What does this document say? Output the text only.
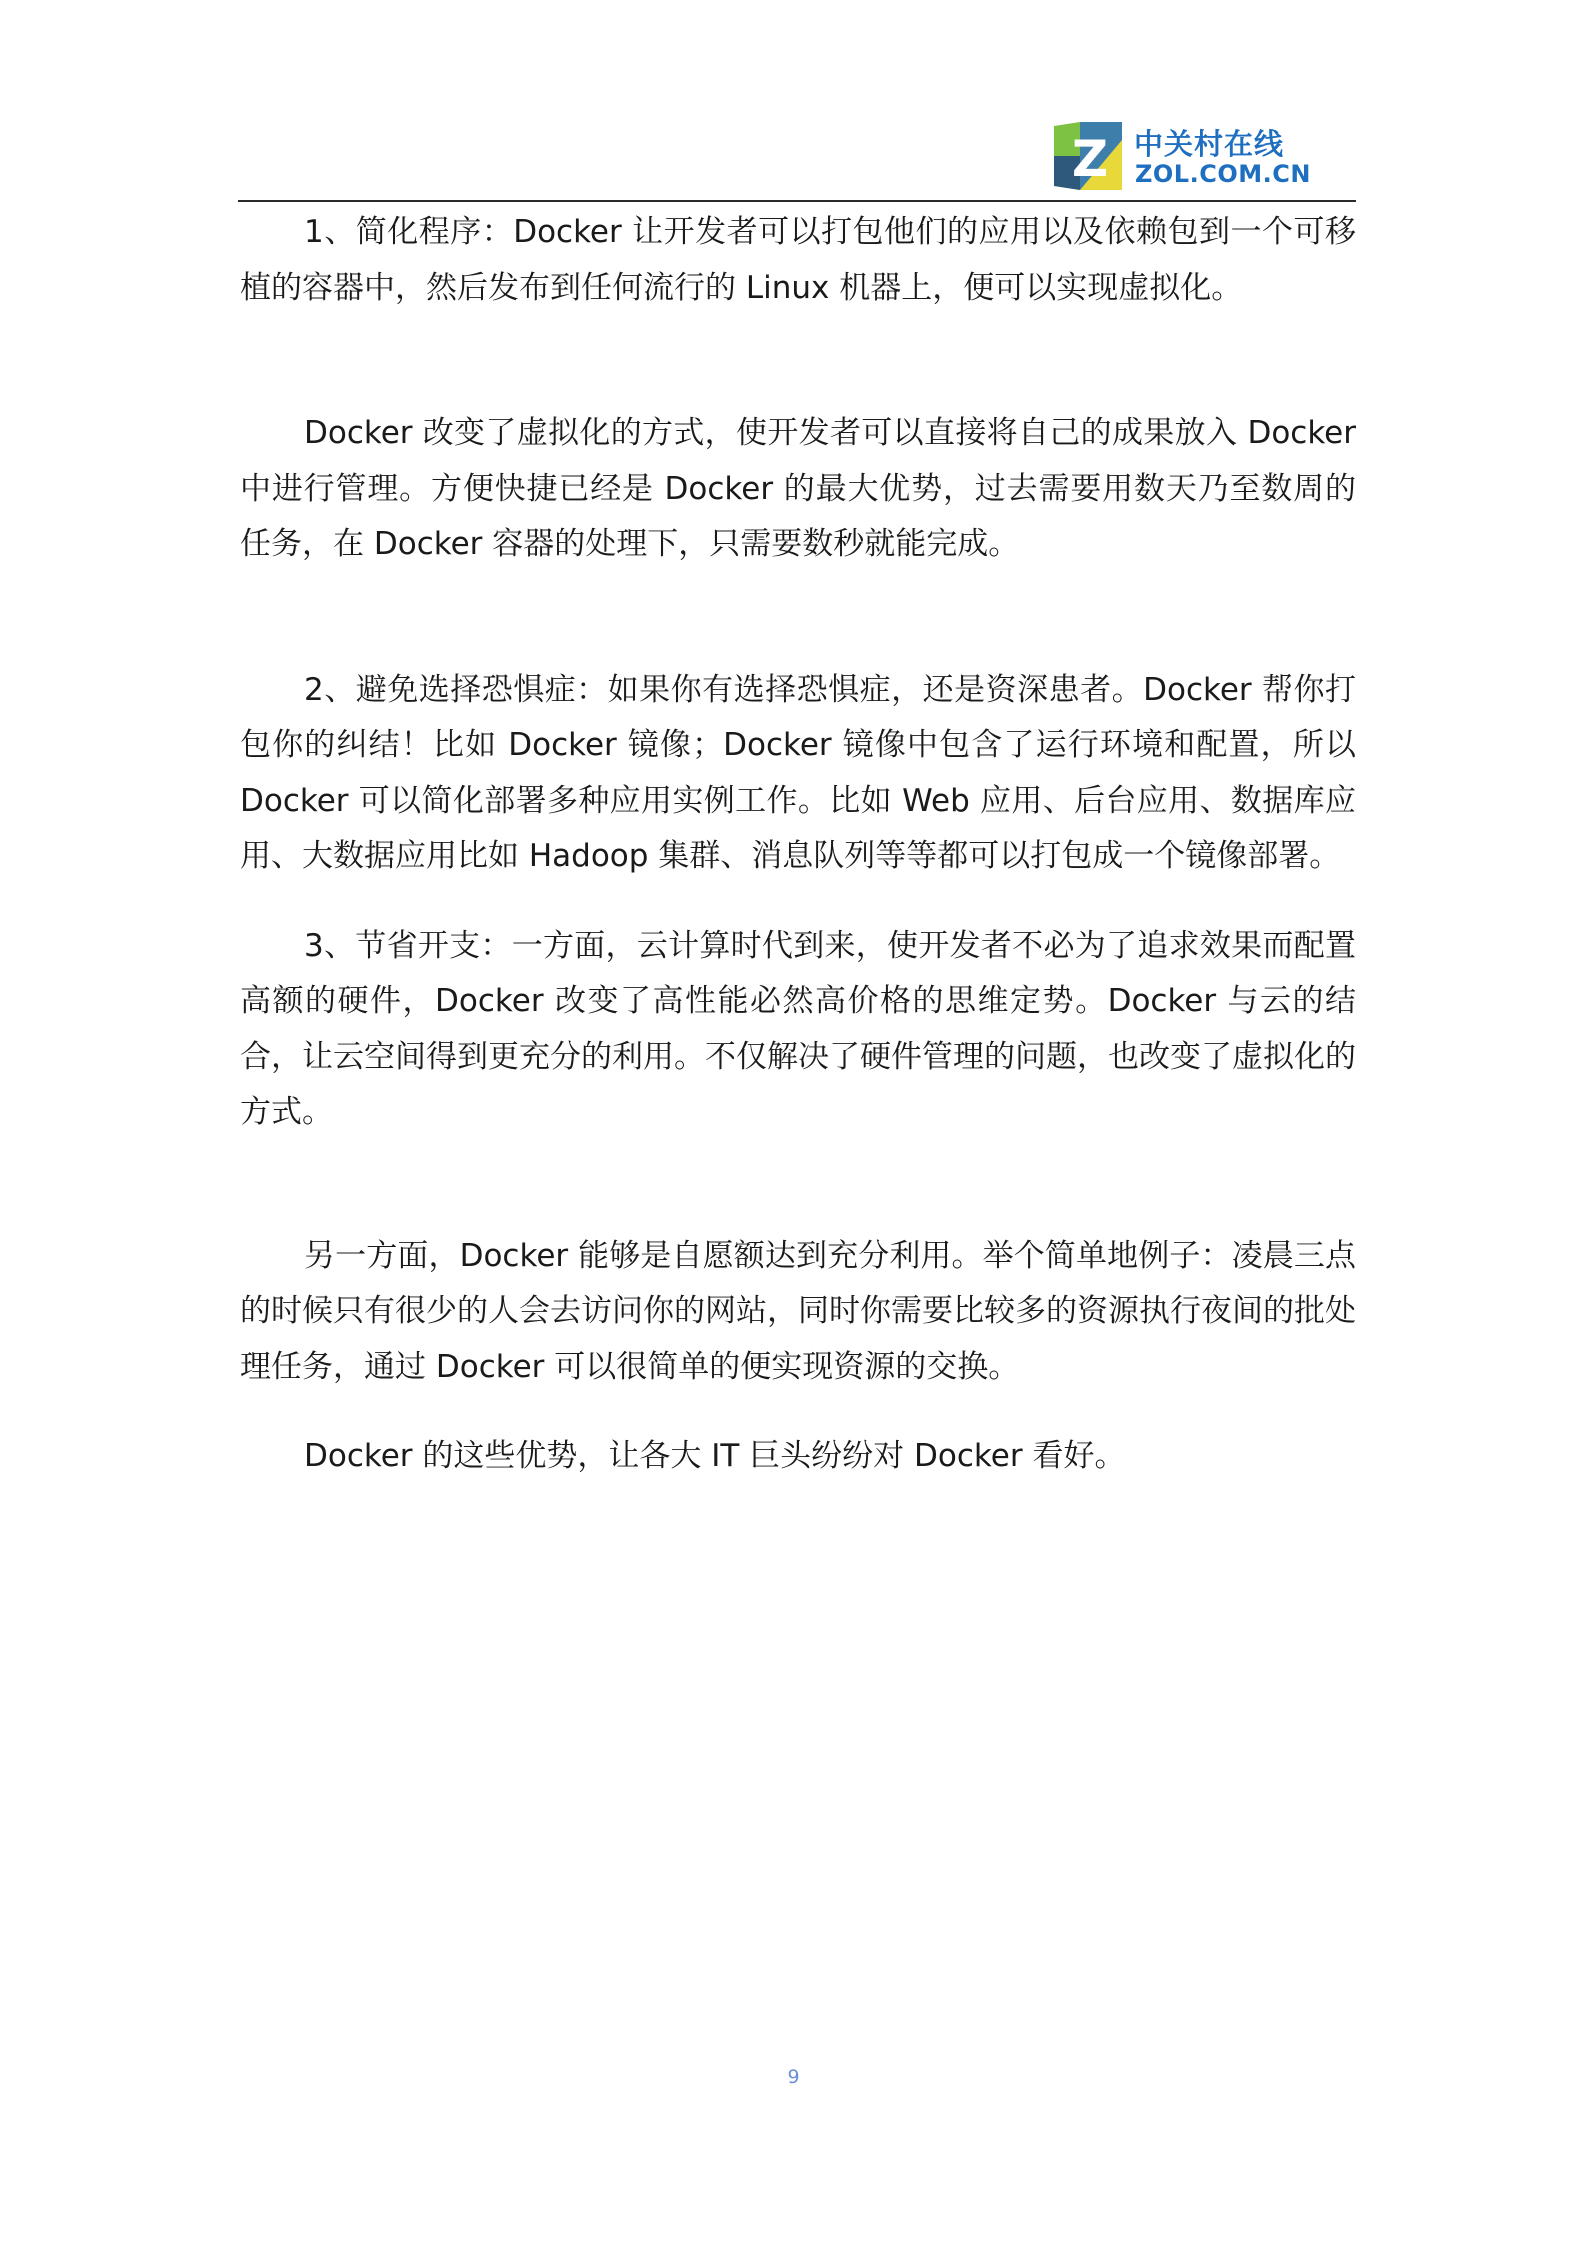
Z 中关村在线
ZOL.COM.CN

1、简化程序：Docker 让开发者可以打包他们的应用以及依赖包到一个可移植的容器中，然后发布到任何流行的 Linux 机器上，便可以实现虚拟化。

Docker 改变了虚拟化的方式，使开发者可以直接将自己的成果放入 Docker 中进行管理。方便快捷已经是 Docker 的最大优势，过去需要用数天乃至数周的任务，在 Docker 容器的处理下，只需要数秒就能完成。

2、避免选择恐惧症：如果你有选择恐惧症，还是资深患者。Docker 帮你打包你的纠结！比如 Docker 镜像；Docker 镜像中包含了运行环境和配置，所以 Docker 可以简化部署多种应用实例工作。比如 Web 应用、后台应用、数据库应用、大数据应用比如 Hadoop 集群、消息队列等等都可以打包成一个镜像部署。

3、节省开支：一方面，云计算时代到来，使开发者不必为了追求效果而配置高额的硬件，Docker 改变了高性能必然高价格的思维定势。Docker 与云的结合，让云空间得到更充分的利用。不仅解决了硬件管理的问题，也改变了虚拟化的方式。

另一方面，Docker 能够是自愿额达到充分利用。举个简单地例子：凌晨三点的时候只有很少的人会去访问你的网站，同时你需要比较多的资源执行夜间的批处理任务，通过 Docker 可以很简单的便实现资源的交换。

Docker 的这些优势，让各大 IT 巨头纷纷对 Docker 看好。

9
